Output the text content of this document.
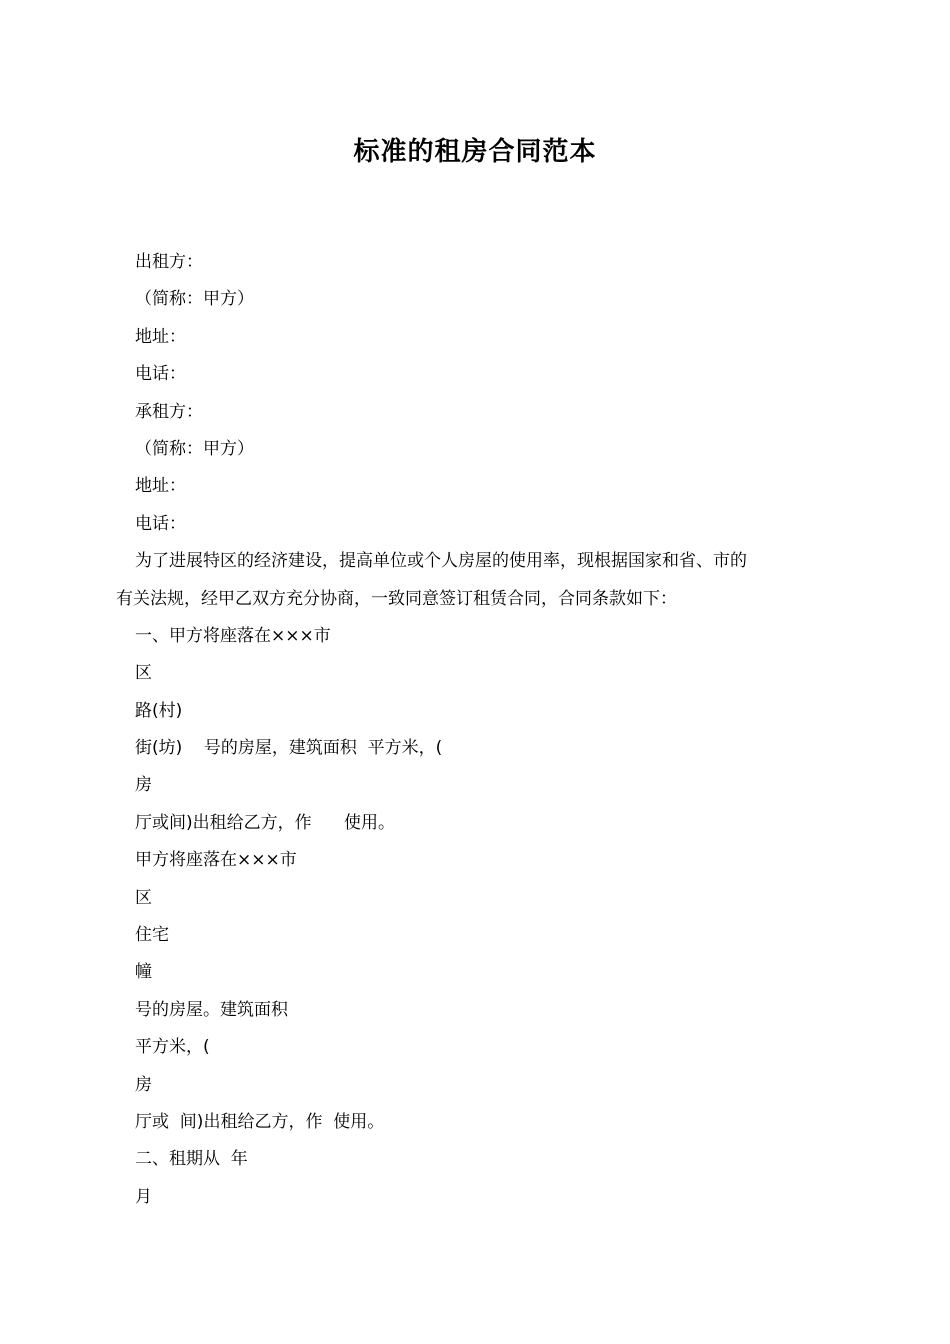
标准的租房合同范本
出租方：
（简称：甲方）
地址：
电话：
承租方：
（简称：甲方）
地址：
电话：
为了进展特区的经济建设，提高单位或个人房屋的使用率，现根据国家和省、市的
有关法规，经甲乙双方充分协商，一致同意签订租赁合同，合同条款如下：
一、甲方将座落在×××市
区
路(村)
街(坊)    号的房屋，建筑面积  平方米，(
房
厅或间)出租给乙方，作      使用。
甲方将座落在×××市
区
住宅
幢
号的房屋。建筑面积
平方米，(
房
厅或  间)出租给乙方，作  使用。
二、租期从  年
月
